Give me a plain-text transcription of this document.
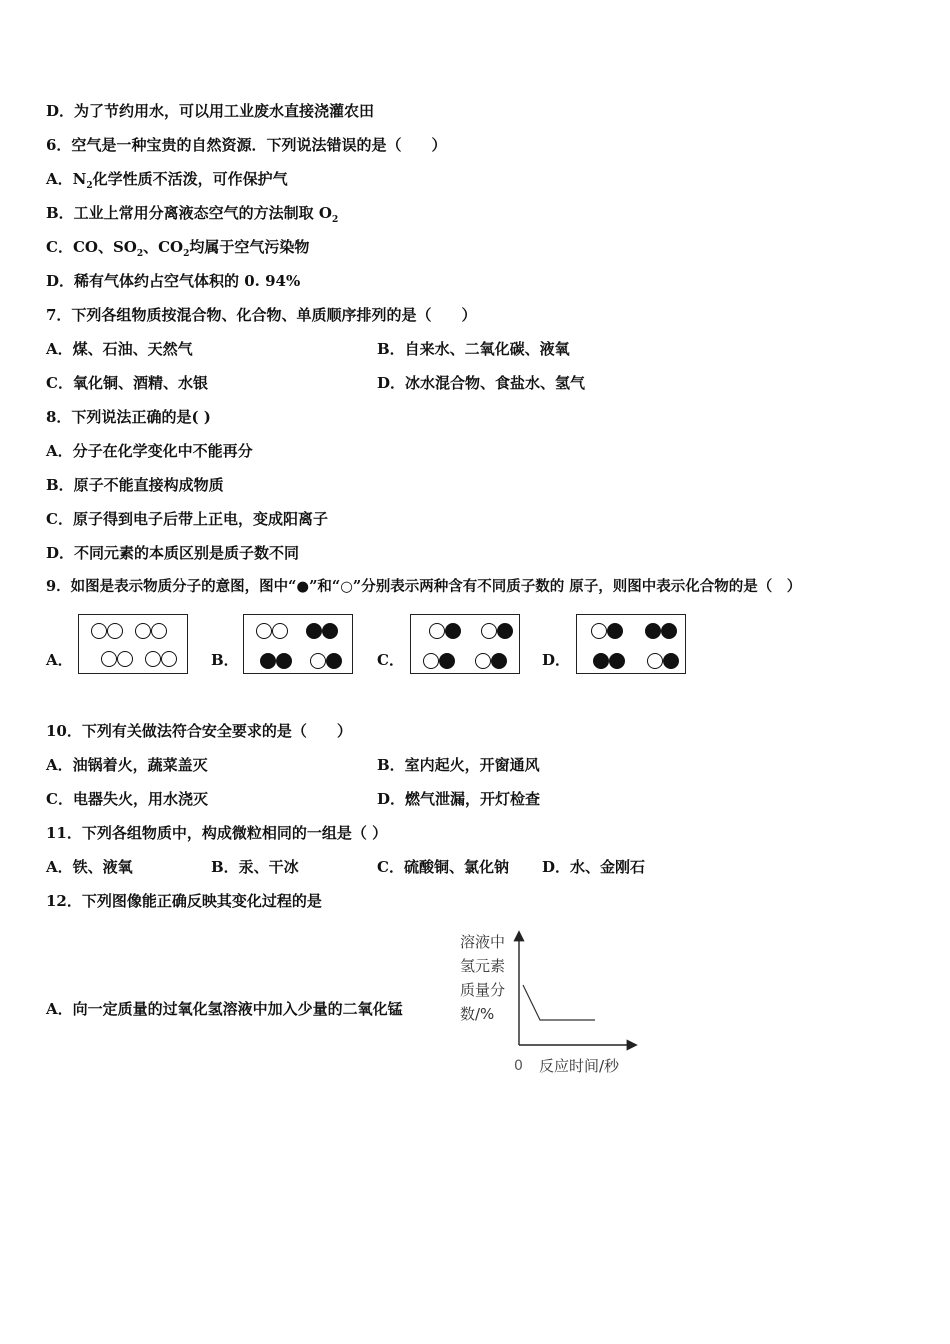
D．为了节约用水，可以用工业废水直接浇灌农田
6．空气是一种宝贵的自然资源．下列说法错误的是（　　）
A．$N_2$化学性质不活泼，可作保护气
B．工业上常用分离液态空气的方法制取 $O_2$
C．CO、$SO_2$、$CO_2$均属于空气污染物
D．稀有气体约占空气体积的 0. 94%
7．下列各组物质按混合物、化合物、单质顺序排列的是（　　）
A．煤、石油、天然气	B．自来水、二氧化碳、液氧
C．氧化铜、酒精、水银	D．冰水混合物、食盐水、氢气
8．下列说法正确的是( )
A．分子在化学变化中不能再分
B．原子不能直接构成物质
C．原子得到电子后带上正电，变成阳离子
D．不同元素的本质区别是质子数不同
9．如图是表示物质分子的意图，图中“●”和“○”分别表示两种含有不同质子数的 原子，则图中表示化合物的是（　）
A．	B．	C．	D．
10．下列有关做法符合安全要求的是（　　）
A．油锅着火，蔬菜盖灭	B．室内起火，开窗通风
C．电器失火，用水浇灭	D．燃气泄漏，开灯检查
11．下列各组物质中，构成微粒相同的一组是（ ）
A．铁、液氧	B．汞、干冰	C．硫酸铜、氯化钠 D．水、金刚石
12．下列图像能正确反映其变化过程的是
A．向一定质量的过氧化氢溶液中加入少量的二氧化锰
溶液中
氢元素
质量分
数/%
0 反应时间/秒
